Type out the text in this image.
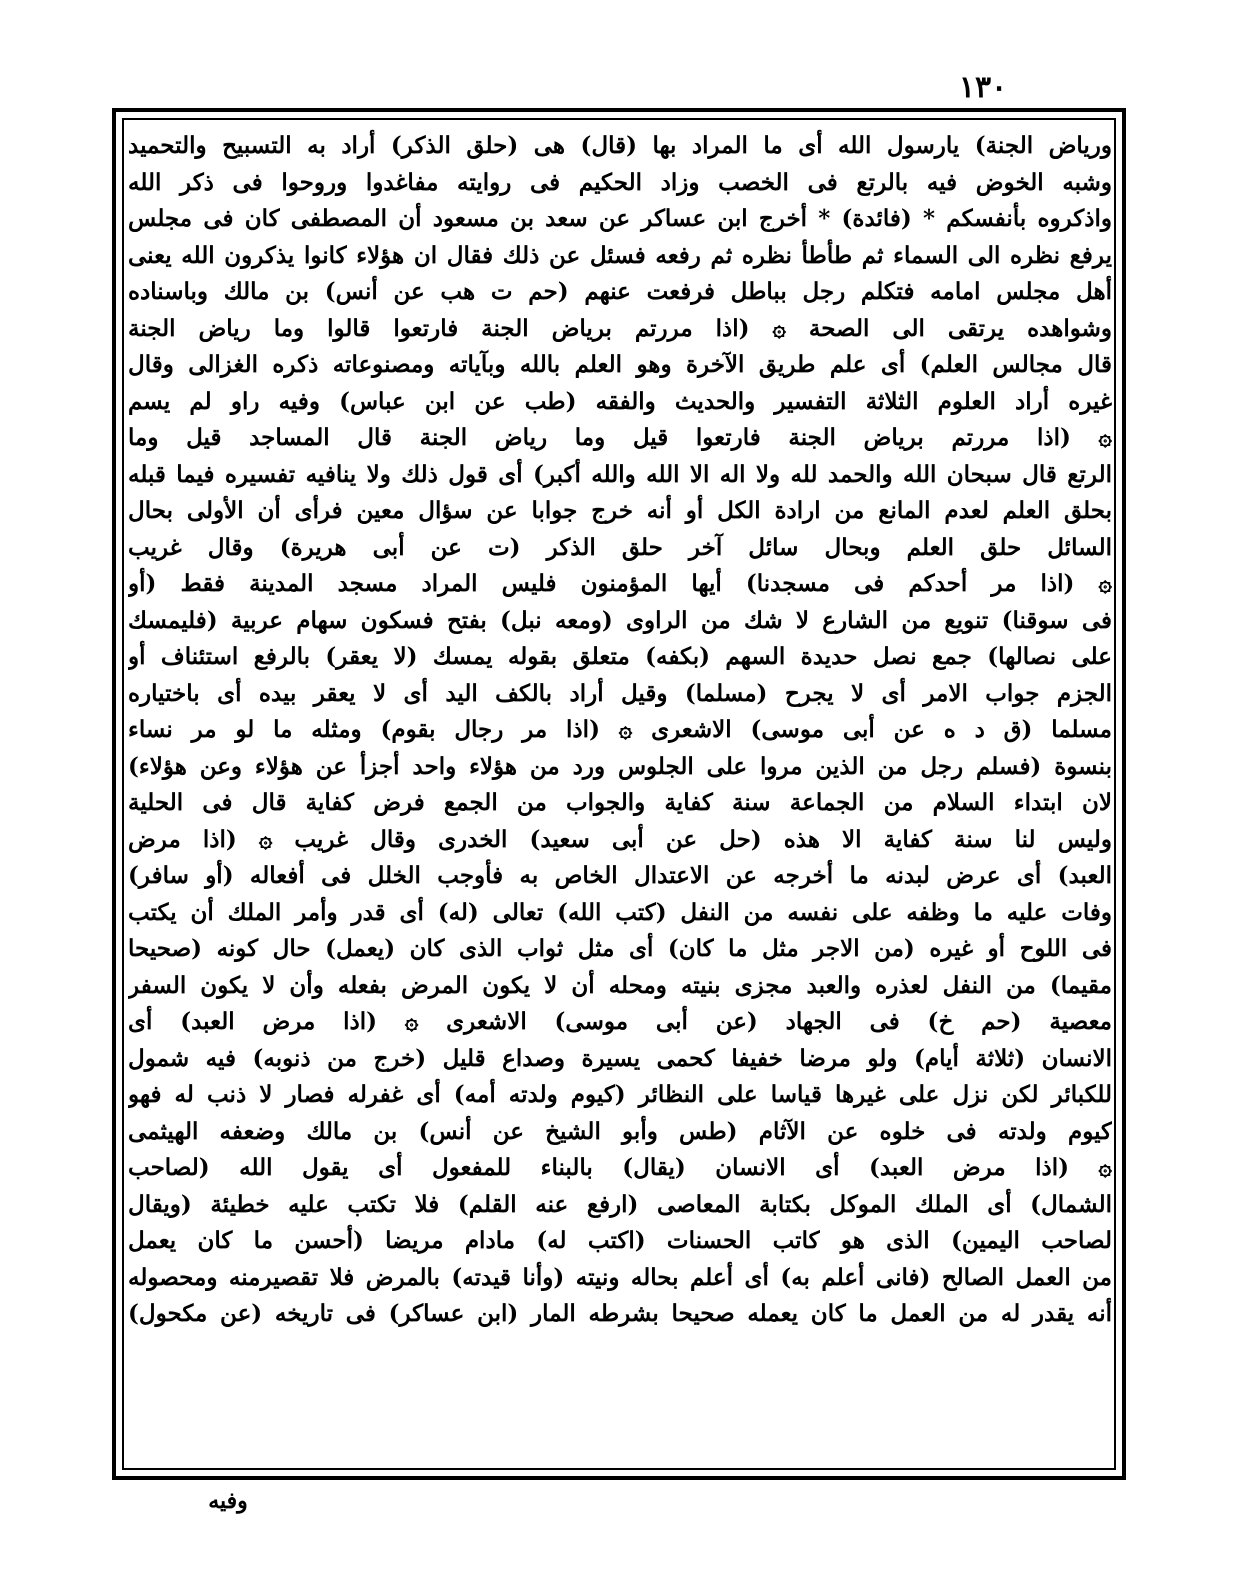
١٣٠

ورياض الجنة) يارسول الله أى ما المراد بها (قال) هى (حلق الذكر) أراد به التسبيح والتحميد

وشبه الخوض فيه بالرتع فى الخصب وزاد الحكيم فى روايته مفاغدوا وروحوا فى ذكر الله

واذكروه بأنفسكم * (فائدة) * أخرج ابن عساكر عن سعد بن مسعود أن المصطفى كان فى مجلس

يرفع نظره الى السماء ثم طأطأ نظره ثم رفعه فسئل عن ذلك فقال ان هؤلاء كانوا يذكرون الله يعنى

أهل مجلس امامه فتكلم رجل بباطل فرفعت عنهم (حم ت هب عن أنس) بن مالك وباسناده

وشواهده يرتقى الى الصحة ۞ (اذا مررتم برياض الجنة فارتعوا قالوا وما رياض الجنة

قال مجالس العلم) أى علم طريق الآخرة وهو العلم بالله وبآياته ومصنوعاته ذكره الغزالى وقال

غيره أراد العلوم الثلاثة التفسير والحديث والفقه (طب عن ابن عباس) وفيه راو لم يسم

۞ (اذا مررتم برياض الجنة فارتعوا قيل وما رياض الجنة قال المساجد قيل وما

الرتع قال سبحان الله والحمد لله ولا اله الا الله والله أكبر) أى قول ذلك ولا ينافيه تفسيره فيما قبله

بحلق العلم لعدم المانع من ارادة الكل أو أنه خرج جوابا عن سؤال معين فرأى أن الأولى بحال

السائل حلق العلم وبحال سائل آخر حلق الذكر (ت عن أبى هريرة) وقال غريب

۞ (اذا مر أحدكم فى مسجدنا) أيها المؤمنون فليس المراد مسجد المدينة فقط (أو

فى سوقنا) تنويع من الشارع لا شك من الراوى (ومعه نبل) بفتح فسكون سهام عربية (فليمسك

على نصالها) جمع نصل حديدة السهم (بكفه) متعلق بقوله يمسك (لا يعقر) بالرفع استئناف أو

الجزم جواب الامر أى لا يجرح (مسلما) وقيل أراد بالكف اليد أى لا يعقر بيده أى باختياره

مسلما (ق د ه عن أبى موسى) الاشعرى ۞ (اذا مر رجال بقوم) ومثله ما لو مر نساء

بنسوة (فسلم رجل من الذين مروا على الجلوس ورد من هؤلاء واحد أجزأ عن هؤلاء وعن هؤلاء)

لان ابتداء السلام من الجماعة سنة كفاية والجواب من الجمع فرض كفاية قال فى الحلية

وليس لنا سنة كفاية الا هذه (حل عن أبى سعيد) الخدرى وقال غريب ۞ (اذا مرض

العبد) أى عرض لبدنه ما أخرجه عن الاعتدال الخاص به فأوجب الخلل فى أفعاله (أو سافر)

وفات عليه ما وظفه على نفسه من النفل (كتب الله) تعالى (له) أى قدر وأمر الملك أن يكتب

فى اللوح أو غيره (من الاجر مثل ما كان) أى مثل ثواب الذى كان (يعمل) حال كونه (صحيحا

مقيما) من النفل لعذره والعبد مجزى بنيته ومحله أن لا يكون المرض بفعله وأن لا يكون السفر

معصية (حم خ) فى الجهاد (عن أبى موسى) الاشعرى ۞ (اذا مرض العبد) أى

الانسان (ثلاثة أيام) ولو مرضا خفيفا كحمى يسيرة وصداع قليل (خرج من ذنوبه) فيه شمول

للكبائر لكن نزل على غيرها قياسا على النظائر (كيوم ولدته أمه) أى غفرله فصار لا ذنب له فهو

كيوم ولدته فى خلوه عن الآثام (طس وأبو الشيخ عن أنس) بن مالك وضعفه الهيثمى

۞ (اذا مرض العبد) أى الانسان (يقال) بالبناء للمفعول أى يقول الله (لصاحب

الشمال) أى الملك الموكل بكتابة المعاصى (ارفع عنه القلم) فلا تكتب عليه خطيئة (ويقال

لصاحب اليمين) الذى هو كاتب الحسنات (اكتب له) مادام مريضا (أحسن ما كان يعمل

من العمل الصالح (فانى أعلم به) أى أعلم بحاله ونيته (وأنا قيدته) بالمرض فلا تقصيرمنه ومحصوله

أنه يقدر له من العمل ما كان يعمله صحيحا بشرطه المار (ابن عساكر) فى تاريخه (عن مكحول)

وفيه
